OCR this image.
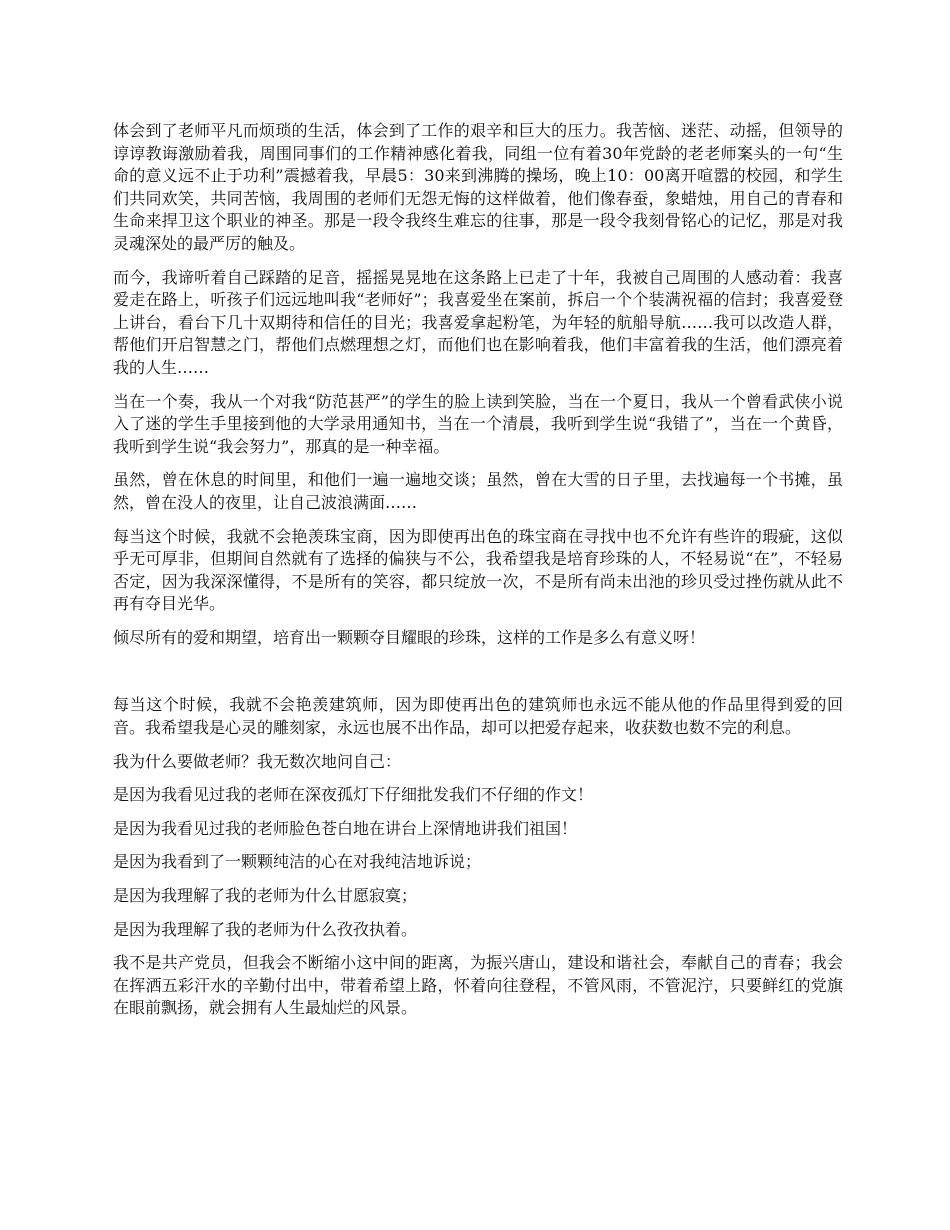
体会到了老师平凡而烦琐的生活，体会到了工作的艰辛和巨大的压力。我苦恼、迷茫、动摇，但领导的谆谆教诲激励着我，周围同事们的工作精神感化着我，同组一位有着30年党龄的老老师案头的一句“生命的意义远不止于功利”震撼着我，早晨5：30来到沸腾的操场，晚上10：00离开喧嚣的校园，和学生们共同欢笑，共同苦恼，我周围的老师们无怨无悔的这样做着，他们像春蚕，象蜡烛，用自己的青春和生命来捍卫这个职业的神圣。那是一段令我终生难忘的往事，那是一段令我刻骨铭心的记忆，那是对我灵魂深处的最严厉的触及。

而今，我谛听着自己踩踏的足音，摇摇晃晃地在这条路上已走了十年，我被自己周围的人感动着：我喜爱走在路上，听孩子们远远地叫我“老师好”；我喜爱坐在案前，拆启一个个装满祝福的信封；我喜爱登上讲台，看台下几十双期待和信任的目光；我喜爱拿起粉笔，为年轻的航船导航……我可以改造人群，帮他们开启智慧之门，帮他们点燃理想之灯，而他们也在影响着我，他们丰富着我的生活，他们漂亮着我的人生……

当在一个奏，我从一个对我“防范甚严”的学生的脸上读到笑脸，当在一个夏日，我从一个曾看武侠小说入了迷的学生手里接到他的大学录用通知书，当在一个清晨，我听到学生说“我错了”，当在一个黄昏，我听到学生说“我会努力”，那真的是一种幸福。

虽然，曾在休息的时间里，和他们一遍一遍地交谈；虽然，曾在大雪的日子里，去找遍每一个书摊，虽然，曾在没人的夜里，让自己波浪满面……

每当这个时候，我就不会艳羡珠宝商，因为即使再出色的珠宝商在寻找中也不允许有些许的瑕疵，这似乎无可厚非，但期间自然就有了选择的偏狭与不公，我希望我是培育珍珠的人，不轻易说“在”，不轻易否定，因为我深深懂得，不是所有的笑容，都只绽放一次，不是所有尚未出池的珍贝受过挫伤就从此不再有夺目光华。

倾尽所有的爱和期望，培育出一颗颗夺目耀眼的珍珠，这样的工作是多么有意义呀！

每当这个时候，我就不会艳羡建筑师，因为即使再出色的建筑师也永远不能从他的作品里得到爱的回音。我希望我是心灵的雕刻家，永远也展不出作品，却可以把爱存起来，收获数也数不完的利息。

我为什么要做老师？我无数次地问自己：

是因为我看见过我的老师在深夜孤灯下仔细批发我们不仔细的作文！

是因为我看见过我的老师脸色苍白地在讲台上深情地讲我们祖国！

是因为我看到了一颗颗纯洁的心在对我纯洁地诉说；

是因为我理解了我的老师为什么甘愿寂寞；

是因为我理解了我的老师为什么孜孜执着。

我不是共产党员，但我会不断缩小这中间的距离，为振兴唐山，建设和谐社会，奉献自己的青春；我会在挥洒五彩汗水的辛勤付出中，带着希望上路，怀着向往登程，不管风雨，不管泥泞，只要鲜红的党旗在眼前飘扬，就会拥有人生最灿烂的风景。
